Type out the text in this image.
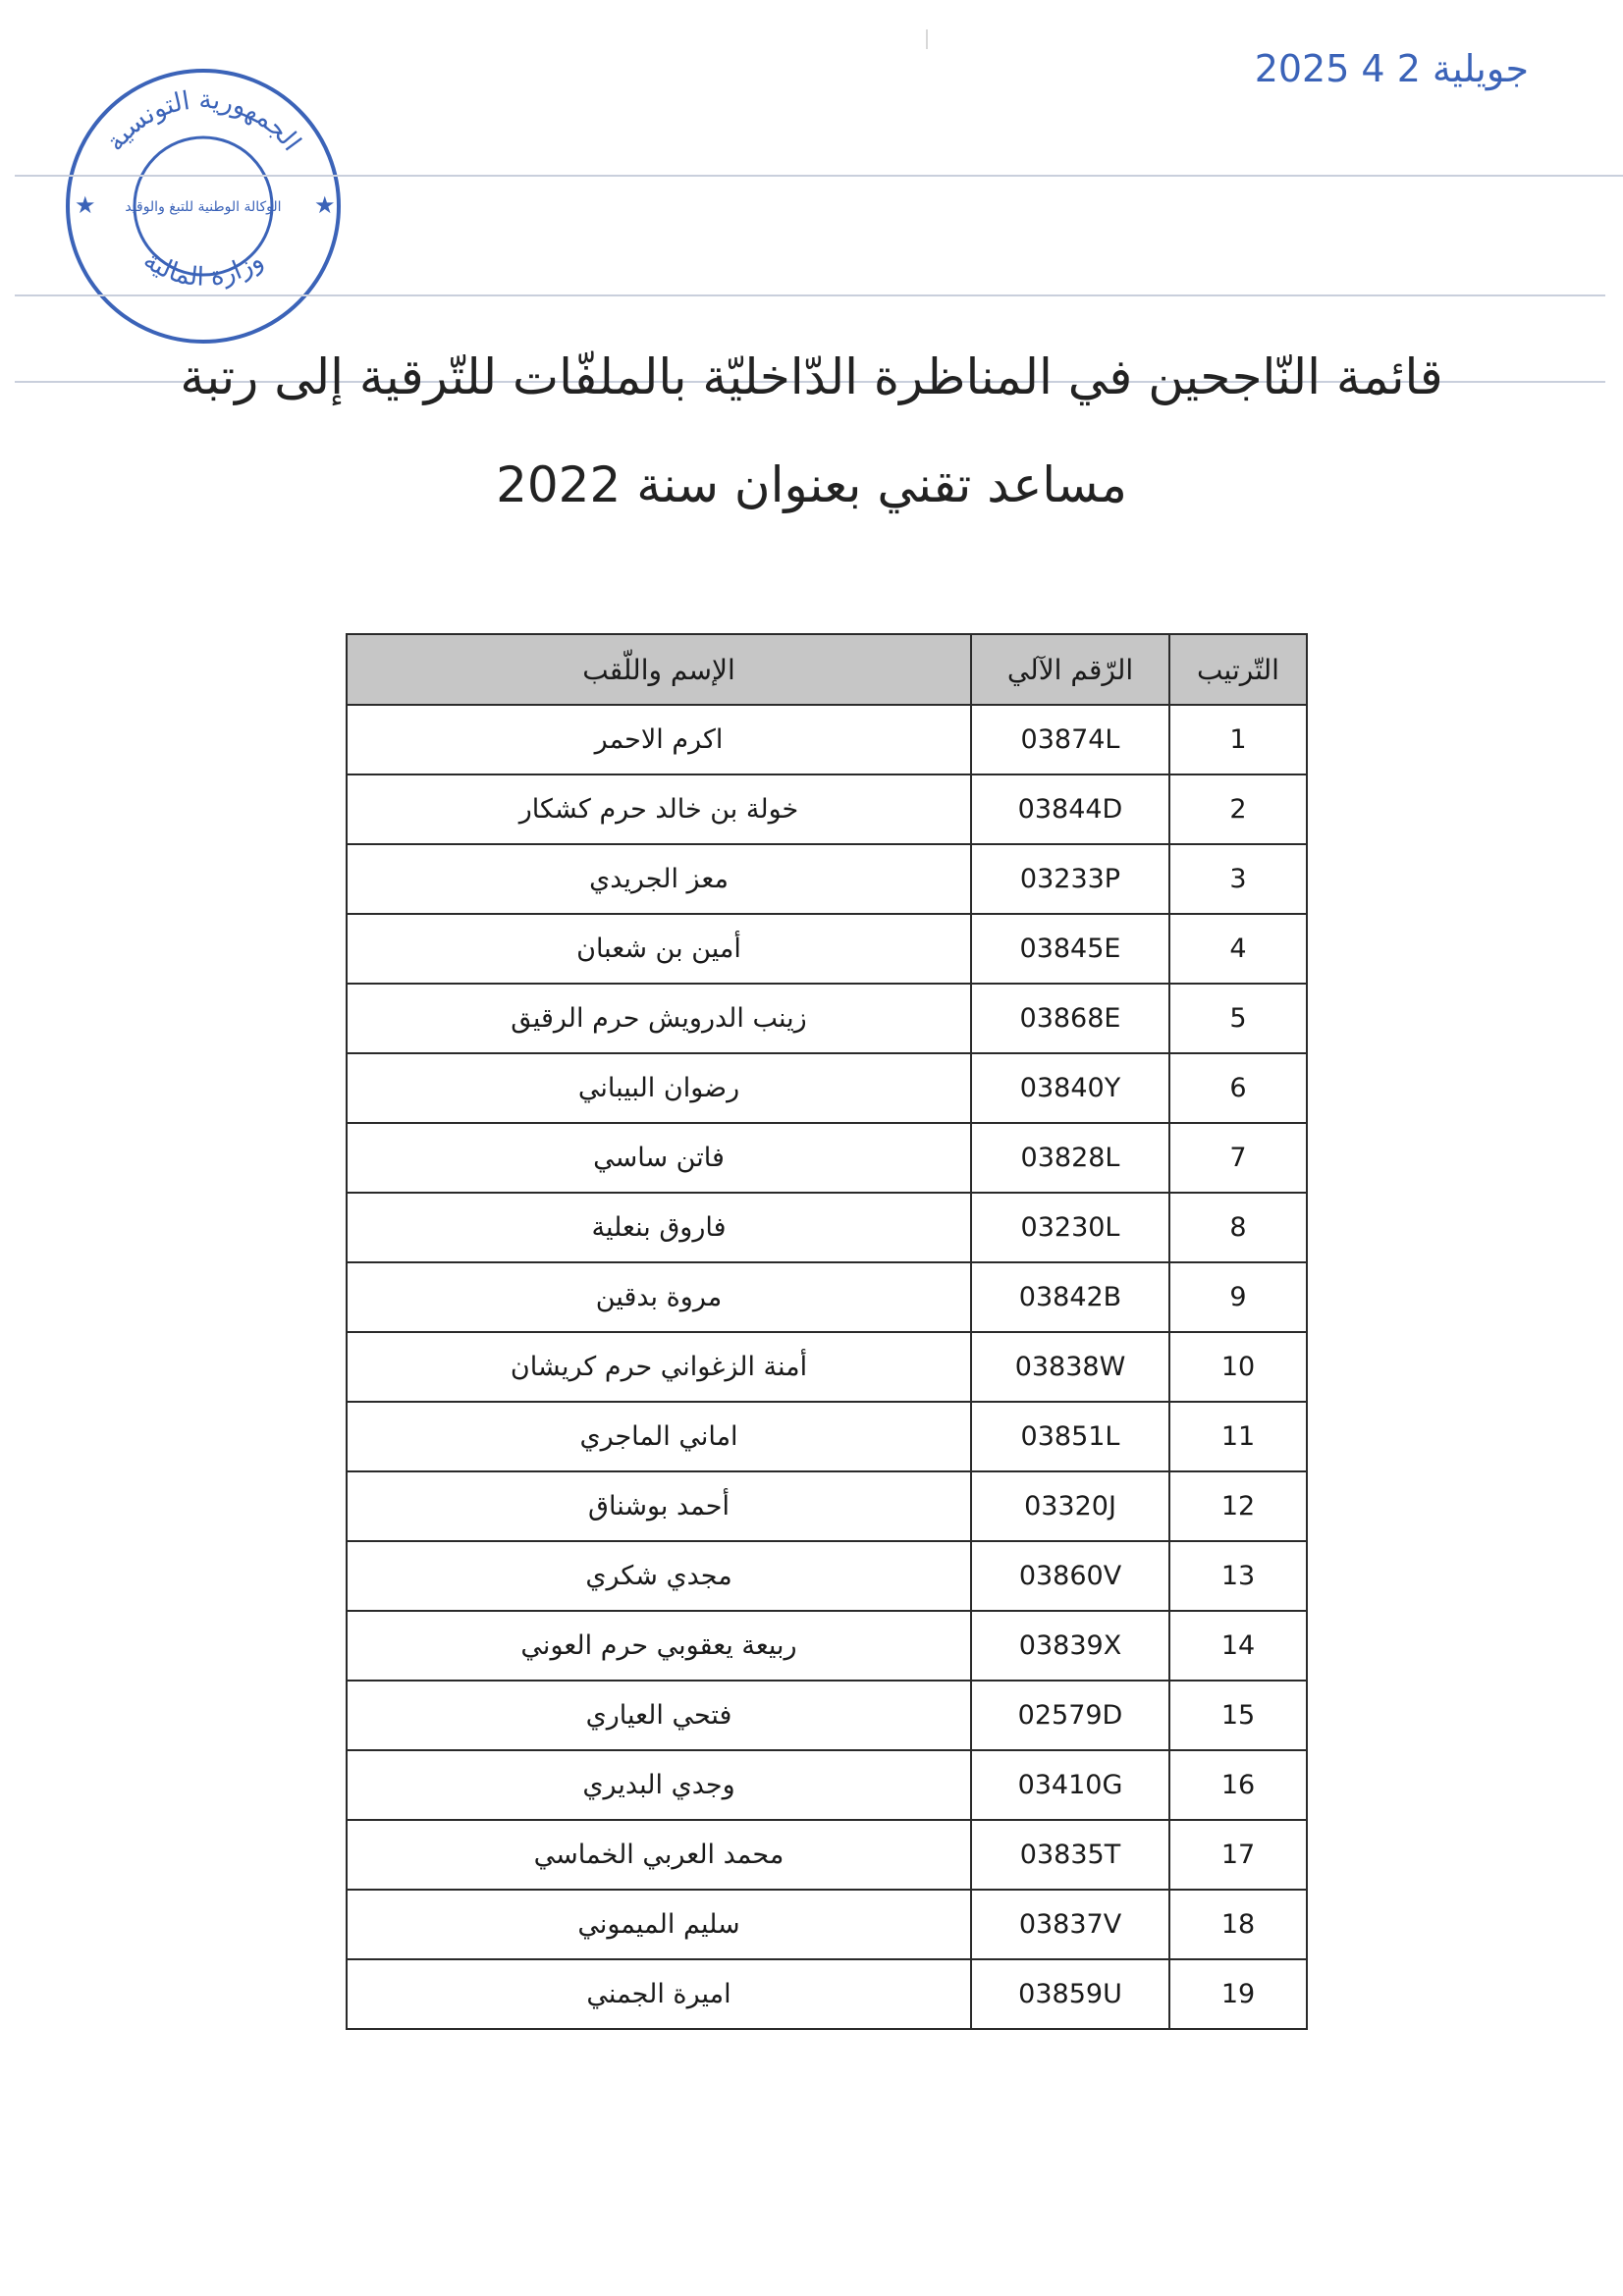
الجمهورية التونسية
وزارة المالية
الوكالة الوطنية للتبغ والوقيد
★	★
2025 جويلية2 4
قائمة النّاجحين في المناظرة الدّاخليّة بالملفّات للتّرقية إلى رتبة
مساعد تقني بعنوان سنة 2022
التّرتيب	الرّقم الآلي	الإسم واللّقب
1	03874L	اكرم الاحمر
2	03844D	خولة بن خالد حرم كشكار
3	03233P	معز الجريدي
4	03845E	أمين بن شعبان
5	03868E	زينب الدرويش حرم الرقيق
6	03840Y	رضوان البيباني
7	03828L	فاتن ساسي
8	03230L	فاروق بنعلية
9	03842B	مروة بدقين
10	03838W	أمنة الزغواني حرم كريشان
11	03851L	اماني الماجري
12	03320J	أحمد بوشناق
13	03860V	مجدي شكري
14	03839X	ربيعة يعقوبي حرم العوني
15	02579D	فتحي العياري
16	03410G	وجدي البديري
17	03835T	محمد العربي الخماسي
18	03837V	سليم الميموني
19	03859U	اميرة الجمني
